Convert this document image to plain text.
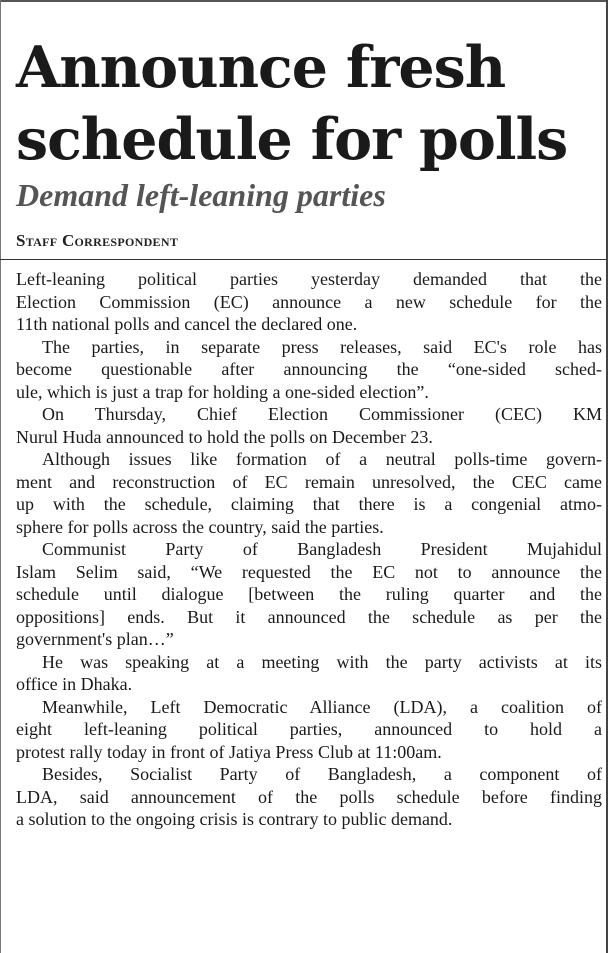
Announce fresh
schedule for polls
Demand left-leaning parties
Staff Correspondent

Left-leaning political parties yesterday demanded that the
Election Commission (EC) announce a new schedule for the
11th national polls and cancel the declared one.

The parties, in separate press releases, said EC's role has
become questionable after announcing the “one-sided sched-
ule, which is just a trap for holding a one-sided election”.

On Thursday, Chief Election Commissioner (CEC) KM
Nurul Huda announced to hold the polls on December 23.

Although issues like formation of a neutral polls-time govern-
ment and reconstruction of EC remain unresolved, the CEC came
up with the schedule, claiming that there is a congenial atmo-
sphere for polls across the country, said the parties.

Communist Party of Bangladesh President Mujahidul
Islam Selim said, “We requested the EC not to announce the
schedule until dialogue [between the ruling quarter and the
oppositions] ends. But it announced the schedule as per the
government's plan…”

He was speaking at a meeting with the party activists at its
office in Dhaka.

Meanwhile, Left Democratic Alliance (LDA), a coalition of
eight left-leaning political parties, announced to hold a
protest rally today in front of Jatiya Press Club at 11:00am.

Besides, Socialist Party of Bangladesh, a component of
LDA, said announcement of the polls schedule before finding
a solution to the ongoing crisis is contrary to public demand.
